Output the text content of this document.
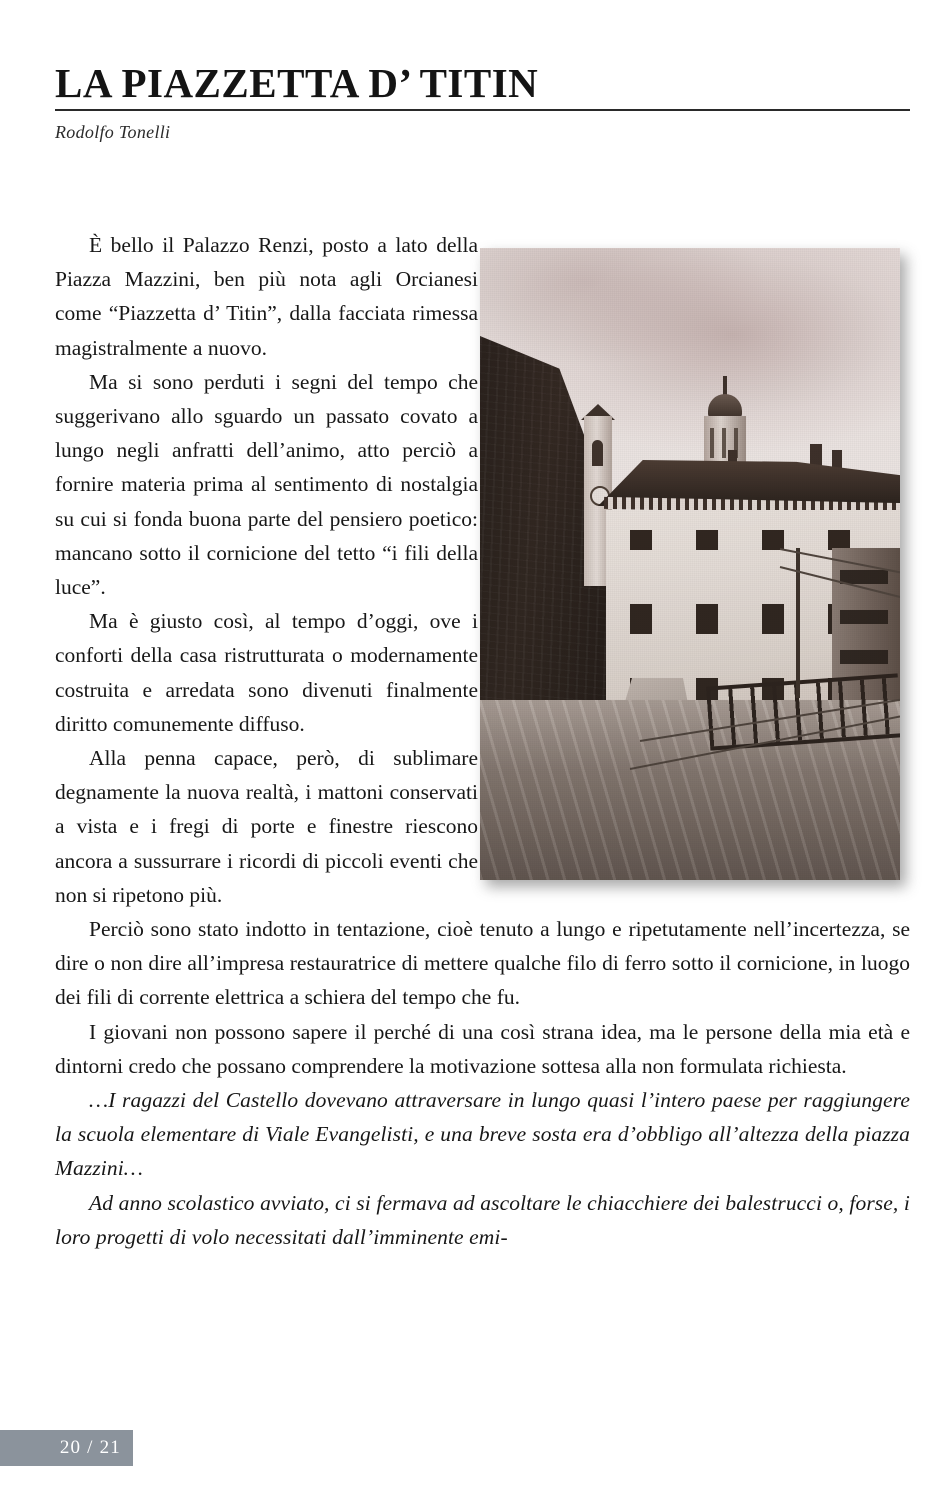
LA PIAZZETTA D’ TITIN
Rodolfo Tonelli

È bello il Palazzo Renzi, posto a lato della Piazza Mazzini, ben più nota agli Orcianesi come “Piazzetta d’ Titin”, dalla facciata rimessa magistralmente a nuovo.

Ma si sono perduti i segni del tempo che suggerivano allo sguardo un passato covato a lungo negli anfratti dell’animo, atto perciò a fornire materia prima al sentimento di nostalgia su cui si fonda buona parte del pensiero poetico: mancano sotto il cornicione del tetto “i fili della luce”.

Ma è giusto così, al tempo d’oggi, ove i conforti della casa ristrutturata o modernamente costruita e arredata sono divenuti finalmente diritto comunemente diffuso.

Alla penna capace, però, di sublimare degnamente la nuova realtà, i mattoni conservati a vista e i fregi di porte e finestre riescono ancora a sussurrare i ricordi di piccoli eventi che non si ripetono più.

Perciò sono stato indotto in tentazione, cioè tenuto a lungo e ripetutamente nell’incertezza, se dire o non dire all’impresa restauratrice di mettere qualche filo di ferro sotto il cornicione, in luogo dei fili di corrente elettrica a schiera del tempo che fu.

I giovani non possono sapere il perché di una così strana idea, ma le persone della mia età e dintorni credo che possano comprendere la motivazione sottesa alla non formulata richiesta.

…I ragazzi del Castello dovevano attraversare in lungo quasi l’intero paese per raggiungere la scuola elementare di Viale Evangelisti, e una breve sosta era d’obbligo all’altezza della piazza Mazzini…

Ad anno scolastico avviato, ci si fermava ad ascoltare le chiacchiere dei balestrucci o, forse, i loro progetti di volo necessitati dall’imminente emi-

20 / 21
